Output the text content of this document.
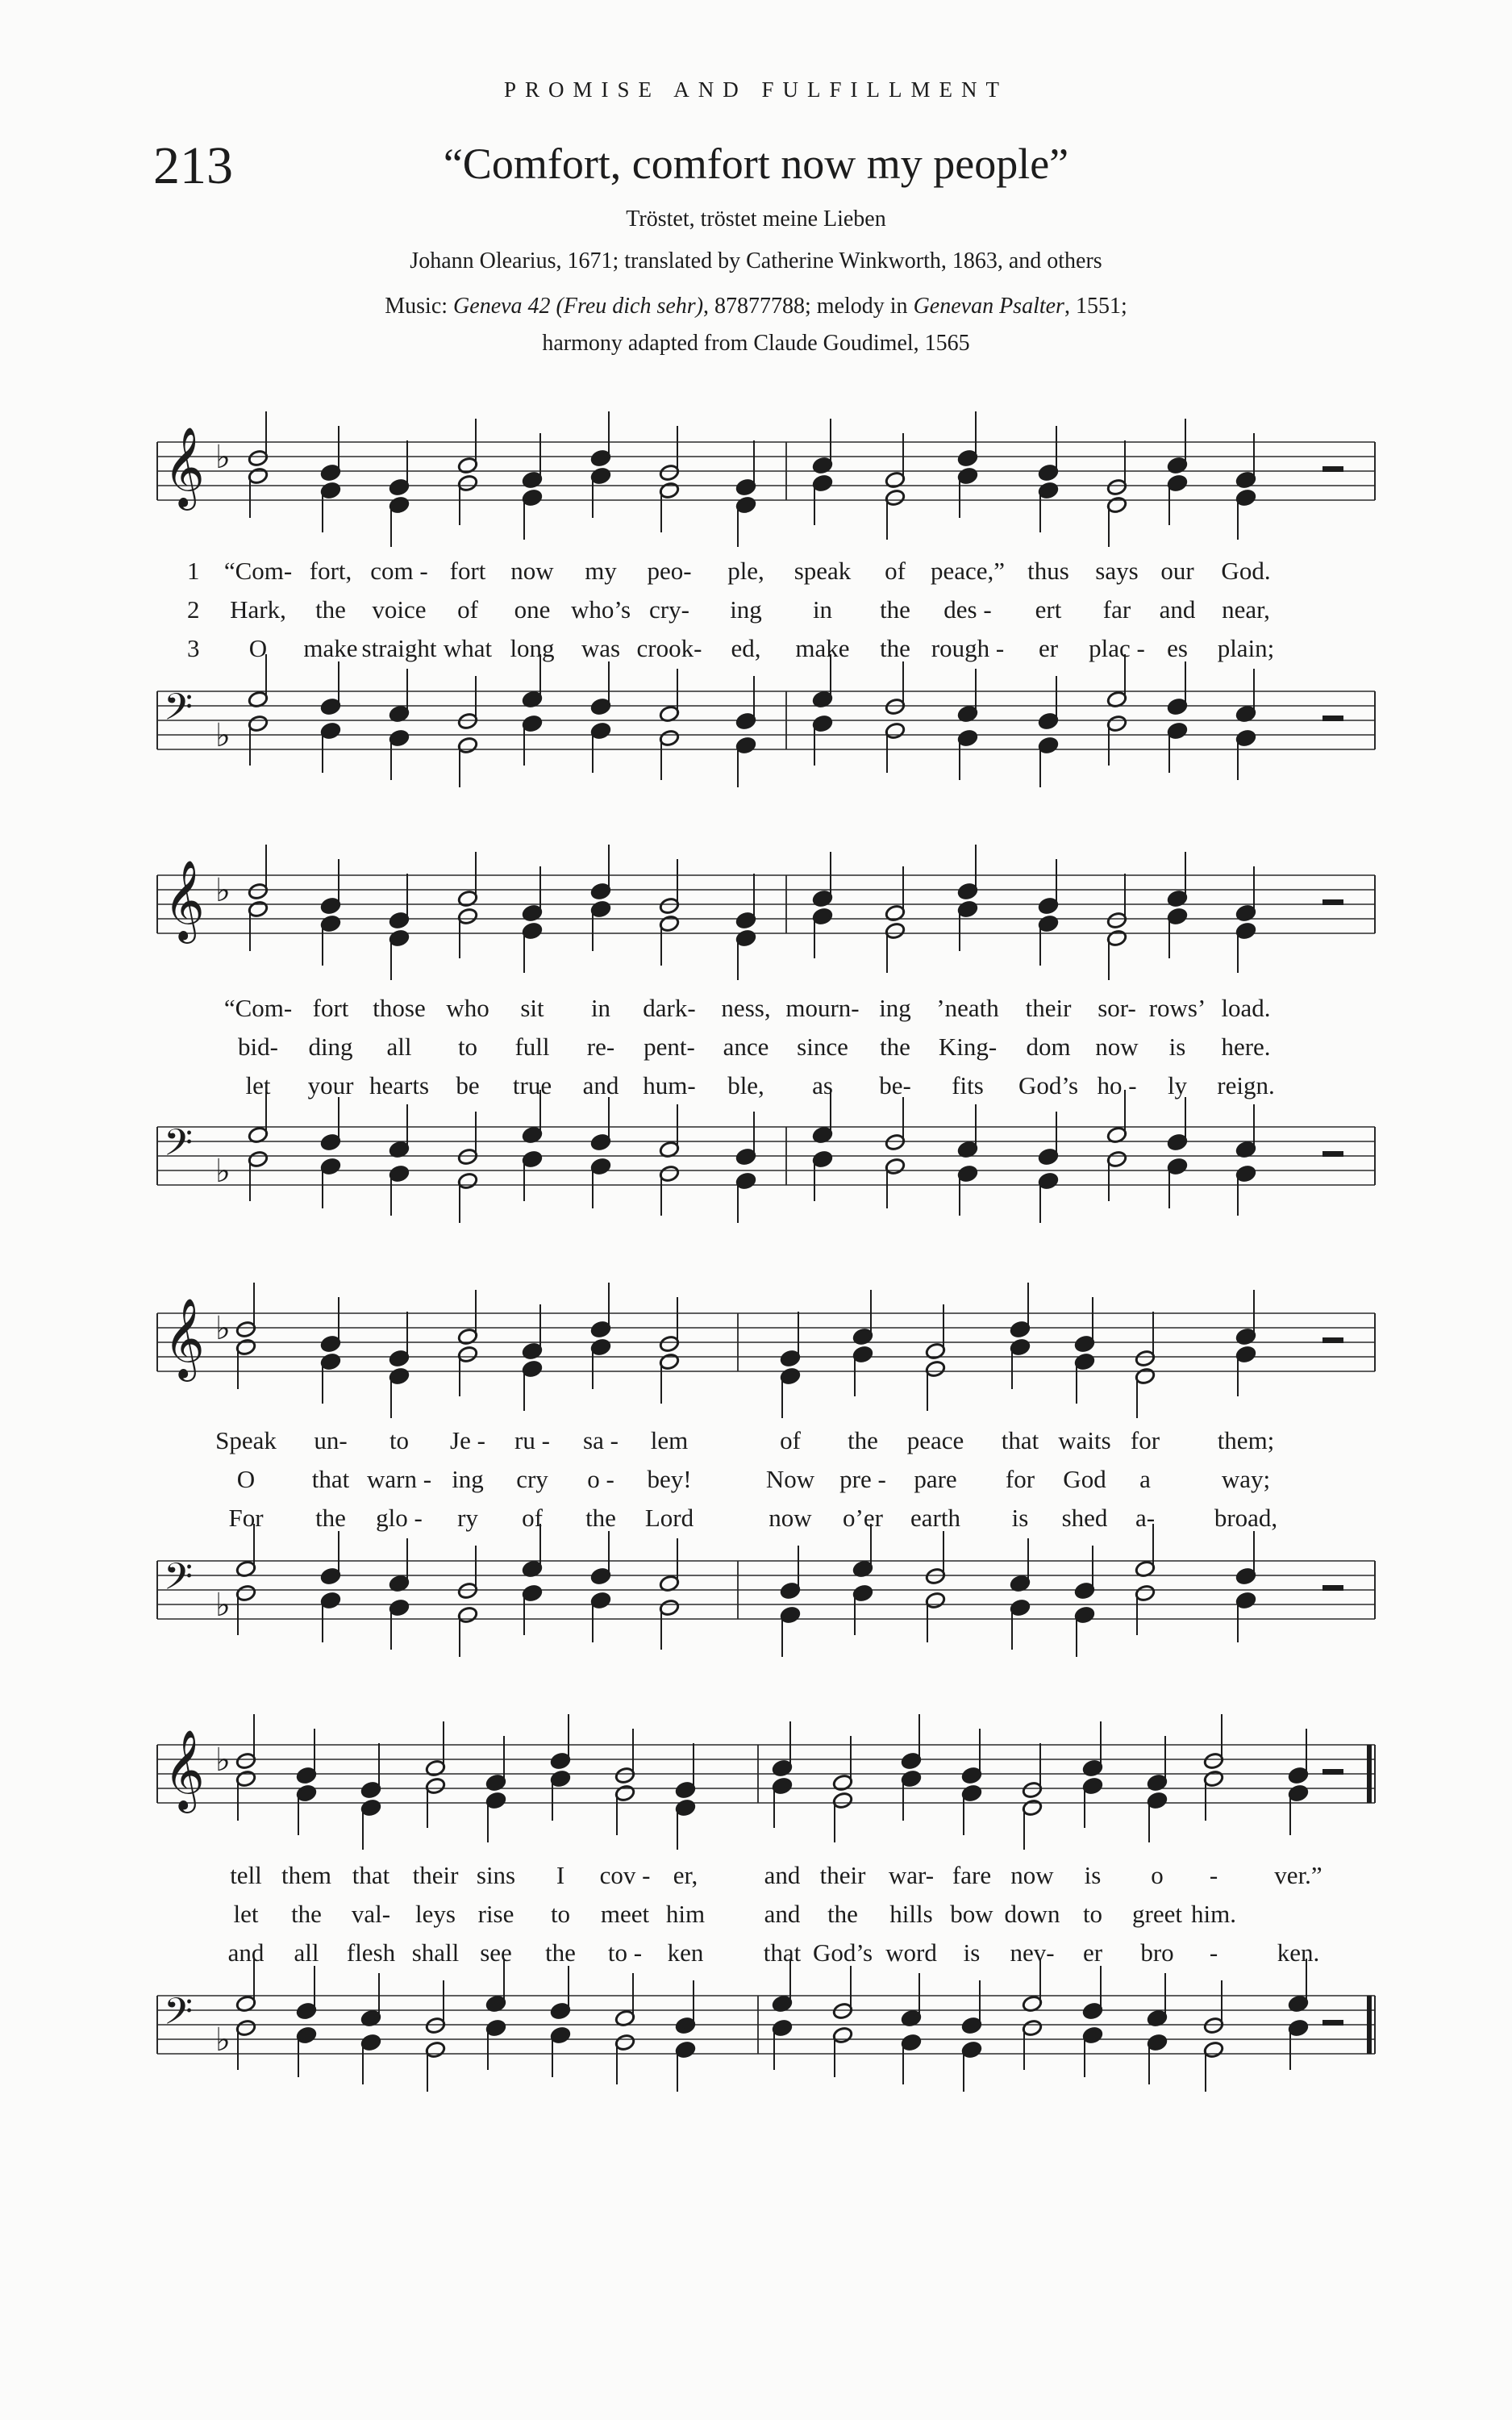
PROMISE AND FULFILLMENT
213	“Comfort, comfort now my people”
Tröstet, tröstet meine Lieben
Johann Olearius, 1671; translated by Catherine Winkworth, 1863, and others
Music: Geneva 42 (Freu dich sehr), 87877788; melody in Genevan Psalter, 1551;
harmony adapted from Claude Goudimel, 1565
𝄞 ♭
𝄢 ♭
𝄞 ♭
𝄢 ♭
𝄞 ♭
𝄢 ♭
𝄞 ♭
𝄢 ♭
1 “Com- fort, com - fort now my peo- ple, speak of peace,” thus says our God.
2 Hark, the voice of one who’s cry- ing in the des - ert far and near,
3 O make straight what long was crook- ed, make the rough - er plac - es plain;
“Com- fort those who sit in dark- ness, mourn- ing ’neath their sor- rows’ load.
bid- ding all to full re- pent- ance since the King- dom now is here.
let your hearts be true and hum- ble, as be- fits God’s ho - ly reign.
Speak un- to Je - ru - sa - lem	of the peace that waits for them;
O that warn - ing cry o - bey!	Now pre - pare for God a	way;
For the glo - ry of the Lord	now o’er earth is shed a- broad,
tell them that their sins I cov - er,	and their war- fare now is o - ver.”
let the val- leys rise to meet him and the hills bow down to greet him.
and all flesh shall see the to - ken that God’s word is nev- er bro - ken.
